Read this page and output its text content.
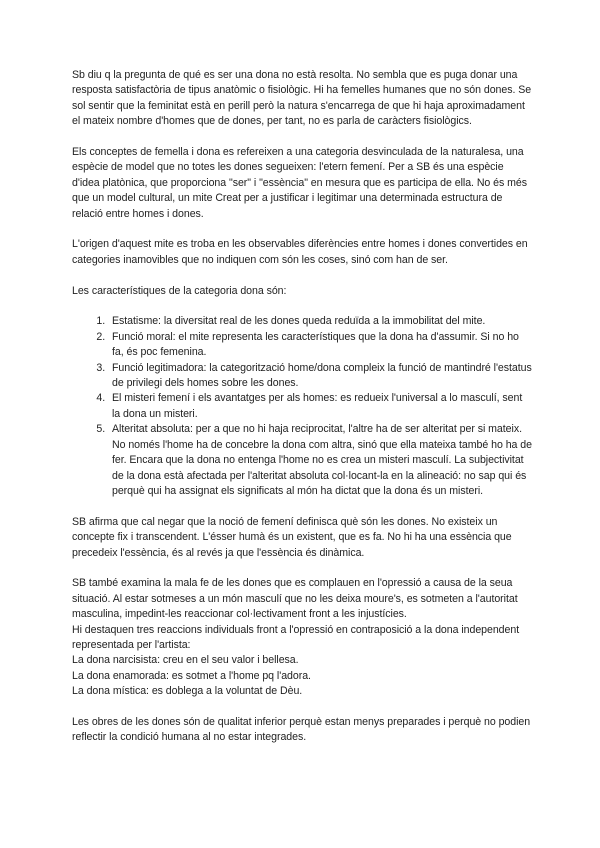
Sb diu q la pregunta de qué es ser una dona no està resolta. No sembla que es puga donar una resposta satisfactòria de tipus anatòmic o fisiològic. Hi ha femelles humanes que no són dones. Se sol sentir que la feminitat està en perill però la natura s'encarrega de que hi haja aproximadament el mateix nombre d'homes que de dones, per tant, no es parla de caràcters fisiològics.

Els conceptes de femella i dona es refereixen a una categoria desvinculada de la naturalesa, una espècie de model que no totes les dones segueixen: l'etern femení. Per a SB és una espècie d'idea platònica, que proporciona "ser" i "essència" en mesura que es participa de ella. No és més que un model cultural, un mite Creat per a justificar i legitimar una determinada estructura de relació entre homes i dones.

L'origen d'aquest mite es troba en les observables diferències entre homes i dones convertides en categories inamovibles que no indiquen com són les coses, sinó com han de ser.

Les característiques de la categoria dona són:

1. Estatisme: la diversitat real de les dones queda reduïda a la immobilitat del mite.
2. Funció moral: el mite representa les característiques que la dona ha d'assumir. Si no ho fa, és poc femenina.
3. Funció legitimadora: la categorització home/dona compleix la funció de mantindré l'estatus de privilegi dels homes sobre les dones.
4. El misteri femení i els avantatges per als homes: es redueix l'universal a lo masculí, sent la dona un misteri.
5. Alteritat absoluta: per a que no hi haja reciprocitat, l'altre ha de ser alteritat per si mateix. No només l'home ha de concebre la dona com altra, sinó que ella mateixa també ho ha de fer. Encara que la dona no entenga l'home no es crea un misteri masculí. La subjectivitat de la dona està afectada per l'alteritat absoluta col·locant-la en la alineació: no sap qui és perquè qui ha assignat els significats al món ha dictat que la dona és un misteri.

SB afirma que cal negar que la noció de femení definisca què són les dones. No existeix un concepte fix i transcendent. L'ésser humà és un existent, que es fa. No hi ha una essència que precedeix l'essència, és al revés ja que l'essència és dinàmica.

SB també examina la mala fe de les dones que es complauen en l'opressió a causa de la seua situació. Al estar sotmeses a un món masculí que no les deixa moure's, es sotmeten a l'autoritat masculina, impedint-les reaccionar col·lectivament front a les injustícies.

Hi destaquen tres reaccions individuals front a l'opressió en contraposició a la dona independent representada per l'artista:

La dona narcisista: creu en el seu valor i bellesa.

La dona enamorada: es sotmet a l'home pq l'adora.

La dona mística: es doblega a la voluntat de Dèu.

Les obres de les dones són de qualitat inferior perquè estan menys preparades i perquè no podien reflectir la condició humana al no estar integrades.
